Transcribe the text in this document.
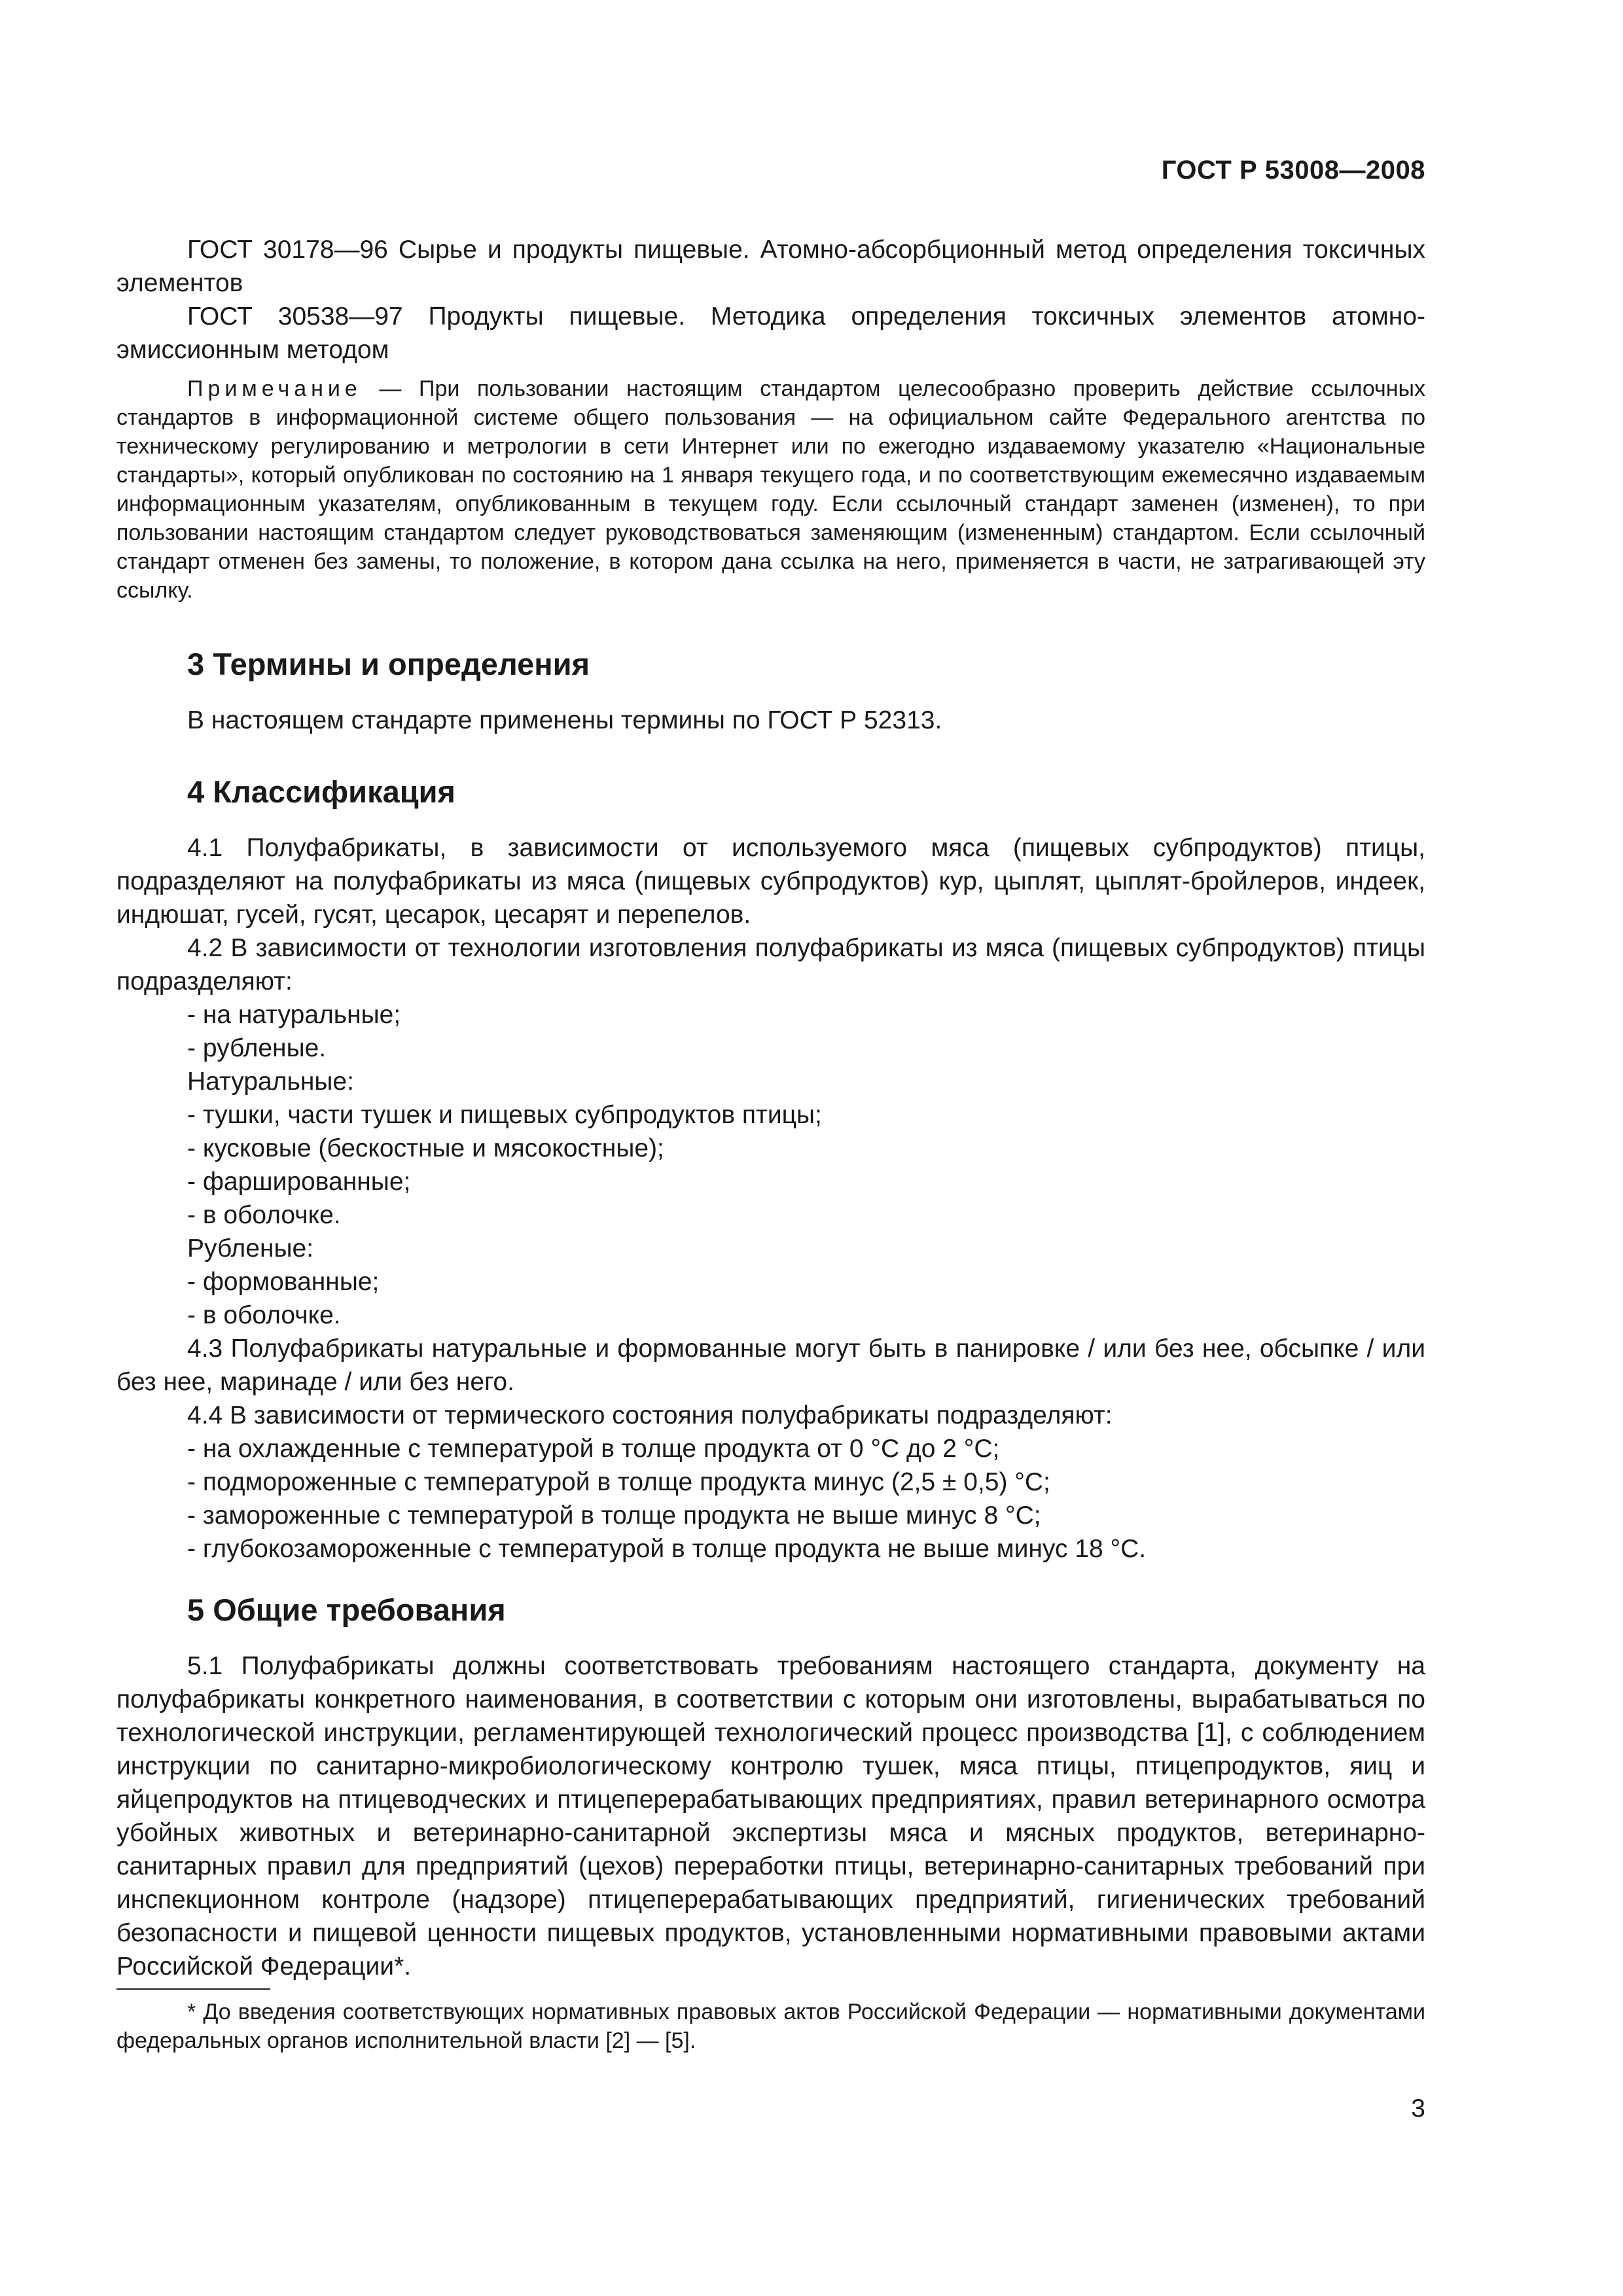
ГОСТ Р 53008—2008

ГОСТ 30178—96 Сырье и продукты пищевые. Атомно-абсорбционный метод определения токсичных элементов

ГОСТ 30538—97 Продукты пищевые. Методика определения токсичных элементов атомно-эмиссионным методом

Примечание — При пользовании настоящим стандартом целесообразно проверить действие ссылочных стандартов в информационной системе общего пользования — на официальном сайте Федерального агентства по техническому регулированию и метрологии в сети Интернет или по ежегодно издаваемому указателю «Национальные стандарты», который опубликован по состоянию на 1 января текущего года, и по соответствующим ежемесячно издаваемым информационным указателям, опубликованным в текущем году. Если ссылочный стандарт заменен (изменен), то при пользовании настоящим стандартом следует руководствоваться заменяющим (измененным) стандартом. Если ссылочный стандарт отменен без замены, то положение, в котором дана ссылка на него, применяется в части, не затрагивающей эту ссылку.

3 Термины и определения

В настоящем стандарте применены термины по ГОСТ Р 52313.

4 Классификация

4.1 Полуфабрикаты, в зависимости от используемого мяса (пищевых субпродуктов) птицы, подразделяют на полуфабрикаты из мяса (пищевых субпродуктов) кур, цыплят, цыплят-бройлеров, индеек, индюшат, гусей, гусят, цесарок, цесарят и перепелов.

4.2 В зависимости от технологии изготовления полуфабрикаты из мяса (пищевых субпродуктов) птицы подразделяют:

- на натуральные;

- рубленые.

Натуральные:

- тушки, части тушек и пищевых субпродуктов птицы;

- кусковые (бескостные и мясокостные);

- фаршированные;

- в оболочке.

Рубленые:

- формованные;

- в оболочке.

4.3 Полуфабрикаты натуральные и формованные могут быть в панировке / или без нее, обсыпке / или без нее, маринаде / или без него.

4.4 В зависимости от термического состояния полуфабрикаты подразделяют:

- на охлажденные с температурой в толще продукта от 0 °С до 2 °С;

- подмороженные с температурой в толще продукта минус (2,5 ± 0,5) °С;

- замороженные с температурой в толще продукта не выше минус 8 °С;

- глубокозамороженные с температурой в толще продукта не выше минус 18 °С.

5 Общие требования

5.1 Полуфабрикаты должны соответствовать требованиям настоящего стандарта, документу на полуфабрикаты конкретного наименования, в соответствии с которым они изготовлены, вырабатываться по технологической инструкции, регламентирующей технологический процесс производства [1], с соблюдением инструкции по санитарно-микробиологическому контролю тушек, мяса птицы, птицепродуктов, яиц и яйцепродуктов на птицеводческих и птицеперерабатывающих предприятиях, правил ветеринарного осмотра убойных животных и ветеринарно-санитарной экспертизы мяса и мясных продуктов, ветеринарно-санитарных правил для предприятий (цехов) переработки птицы, ветеринарно-санитарных требований при инспекционном контроле (надзоре) птицеперерабатывающих предприятий, гигиенических требований безопасности и пищевой ценности пищевых продуктов, установленными нормативными правовыми актами Российской Федерации*.

* До введения соответствующих нормативных правовых актов Российской Федерации — нормативными документами федеральных органов исполнительной власти [2] — [5].

3
